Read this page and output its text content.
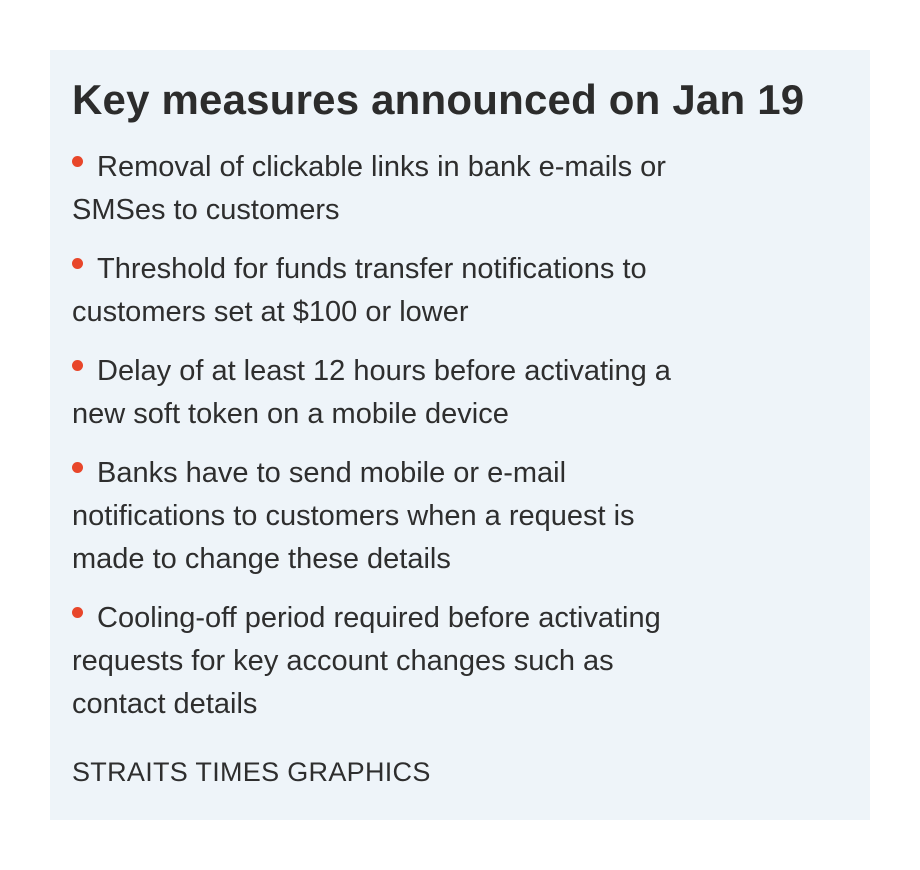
Key measures announced on Jan 19
Removal of clickable links in bank e-mails or SMSes to customers
Threshold for funds transfer notifications to customers set at $100 or lower
Delay of at least 12 hours before activating a new soft token on a mobile device
Banks have to send mobile or e-mail notifications to customers when a request is made to change these details
Cooling-off period required before activating requests for key account changes such as contact details
STRAITS TIMES GRAPHICS
